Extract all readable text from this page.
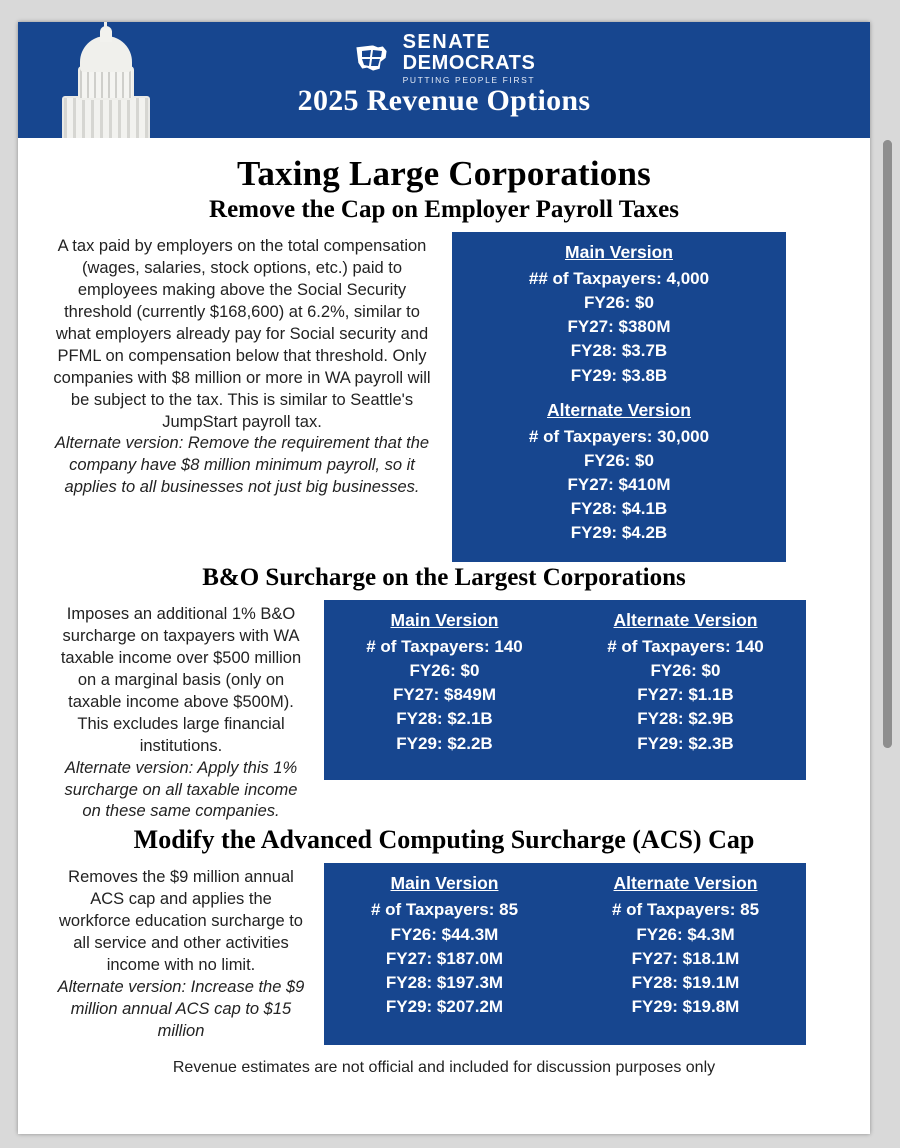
SENATE
DEMOCRATS
PUTTING PEOPLE FIRST
2025 Revenue Options
Taxing Large Corporations
Remove the Cap on Employer Payroll Taxes

A tax paid by employers on the total compensation (wages, salaries, stock options, etc.) paid to employees making above the Social Security threshold (currently $168,600) at 6.2%, similar to what employers already pay for Social security and PFML on compensation below that threshold. Only companies with $8 million or more in WA payroll will be subject to the tax. This is similar to Seattle's JumpStart payroll tax.

Alternate version: Remove the requirement that the company have $8 million minimum payroll, so it applies to all businesses not just big businesses.

Main Version
## of Taxpayers: 4,000
FY26: $0
FY27: $380M
FY28: $3.7B
FY29: $3.8B
Alternate Version
# of Taxpayers: 30,000
FY26: $0
FY27: $410M
FY28: $4.1B
FY29: $4.2B
B&O Surcharge on the Largest Corporations

Imposes an additional 1% B&O surcharge on taxpayers with WA taxable income over $500 million on a marginal basis (only on taxable income above $500M). This excludes large financial institutions.

Alternate version: Apply this 1% surcharge on all taxable income on these same companies.

Main Version
# of Taxpayers: 140
FY26: $0
FY27: $849M
FY28: $2.1B
FY29: $2.2B
Alternate Version
# of Taxpayers: 140
FY26: $0
FY27: $1.1B
FY28: $2.9B
FY29: $2.3B
Modify the Advanced Computing Surcharge (ACS) Cap

Removes the $9 million annual ACS cap and applies the workforce education surcharge to all service and other activities income with no limit.

Alternate version: Increase the $9 million annual ACS cap to $15 million

Main Version
# of Taxpayers: 85
FY26: $44.3M
FY27: $187.0M
FY28: $197.3M
FY29: $207.2M
Alternate Version
# of Taxpayers: 85
FY26: $4.3M
FY27: $18.1M
FY28: $19.1M
FY29: $19.8M
Revenue estimates are not official and included for discussion purposes only
